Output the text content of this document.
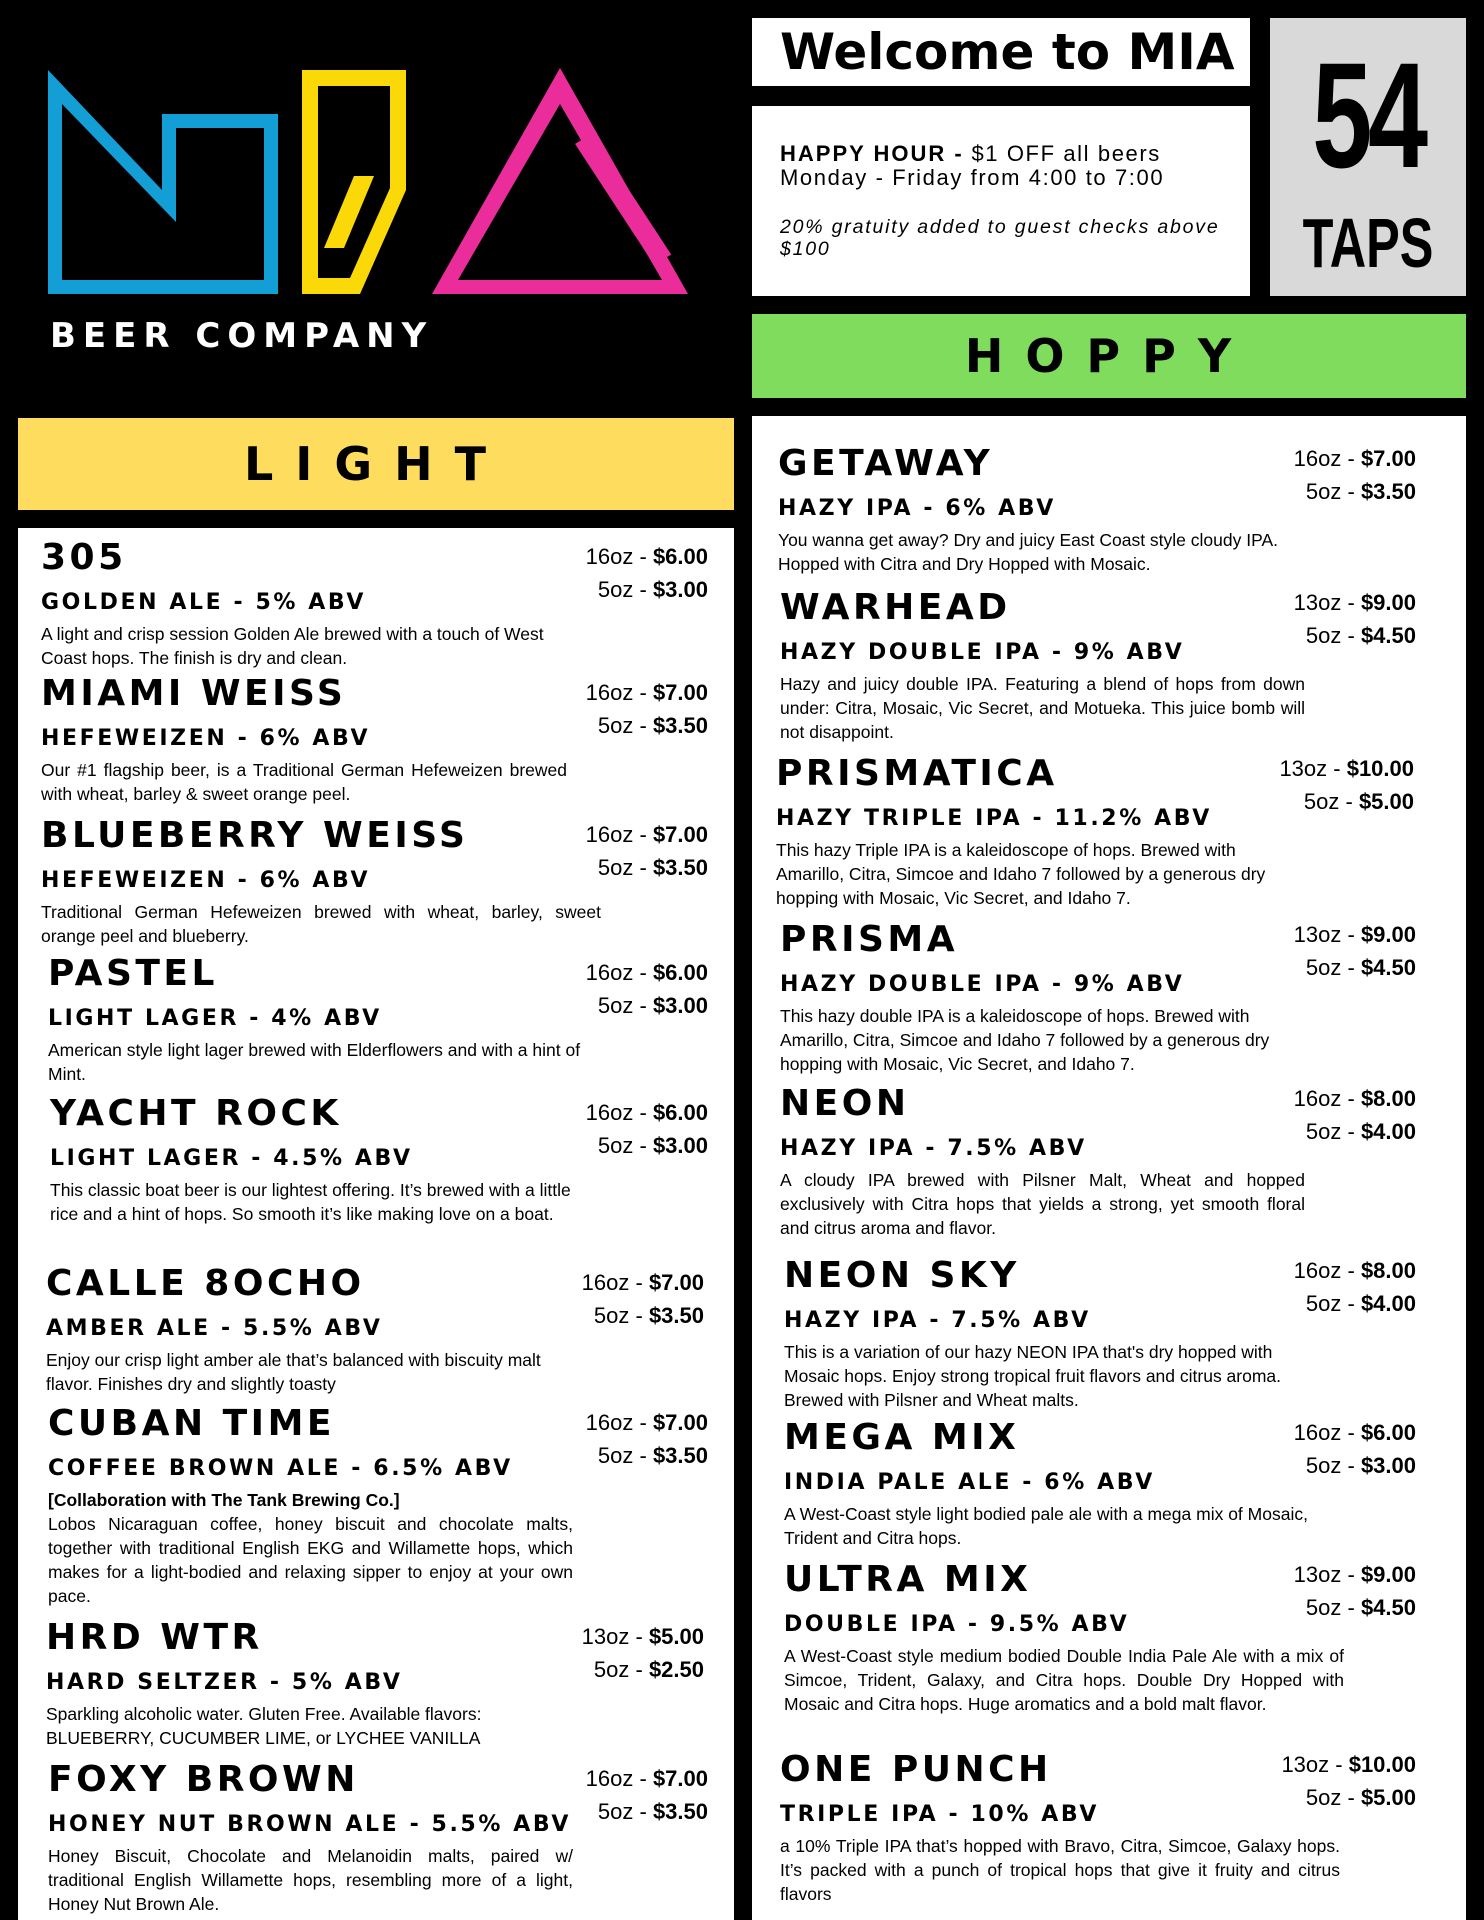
BEER COMPANY
Welcome to MIA
HAPPY HOUR - $1 OFF all beers
Monday - Friday from 4:00 to 7:00
20% gratuity added to guest checks above $100
54
TAPS
LIGHT
HOPPY
305
GOLDEN ALE - 5% ABV
A light and crisp session Golden Ale brewed with a touch of West Coast hops. The finish is dry and clean.
16oz - $6.00
5oz - $3.00
MIAMI WEISS
HEFEWEIZEN - 6% ABV
Our #1 flagship beer, is a Traditional German Hefeweizen brewed with wheat, barley & sweet orange peel.
16oz - $7.00
5oz - $3.50
BLUEBERRY WEISS
HEFEWEIZEN - 6% ABV
Traditional German Hefeweizen brewed with wheat, barley, sweet orange peel and blueberry.
16oz - $7.00
5oz - $3.50
PASTEL
LIGHT LAGER - 4% ABV
American style light lager brewed with Elderflowers and with a hint of Mint.
16oz - $6.00
5oz - $3.00
YACHT ROCK
LIGHT LAGER - 4.5% ABV
This classic boat beer is our lightest offering. It’s brewed with a little rice and a hint of hops. So smooth it’s like making love on a boat.
16oz - $6.00
5oz - $3.00
CALLE 8OCHO
AMBER ALE - 5.5% ABV
Enjoy our crisp light amber ale that’s balanced with biscuity malt flavor. Finishes dry and slightly toasty
16oz - $7.00
5oz - $3.50
CUBAN TIME
COFFEE BROWN ALE - 6.5% ABV
[Collaboration with The Tank Brewing Co.]
Lobos Nicaraguan coffee, honey biscuit and chocolate malts, together with traditional English EKG and Willamette hops, which makes for a light-bodied and relaxing sipper to enjoy at your own pace.
16oz - $7.00
5oz - $3.50
HRD WTR
HARD SELTZER - 5% ABV
Sparkling alcoholic water. Gluten Free. Available flavors: BLUEBERRY, CUCUMBER LIME, or LYCHEE VANILLA
13oz - $5.00
5oz - $2.50
FOXY BROWN
HONEY NUT BROWN ALE - 5.5% ABV
Honey Biscuit, Chocolate and Melanoidin malts, paired w/ traditional English Willamette hops, resembling more of a light, Honey Nut Brown Ale.
16oz - $7.00
5oz - $3.50
GETAWAY
HAZY IPA - 6% ABV
You wanna get away? Dry and juicy East Coast style cloudy IPA. Hopped with Citra and Dry Hopped with Mosaic.
16oz - $7.00
5oz - $3.50
WARHEAD
HAZY DOUBLE IPA - 9% ABV
Hazy and juicy double IPA. Featuring a blend of hops from down under: Citra, Mosaic, Vic Secret, and Motueka. This juice bomb will not disappoint.
13oz - $9.00
5oz - $4.50
PRISMATICA
HAZY TRIPLE IPA - 11.2% ABV
This hazy Triple IPA is a kaleidoscope of hops. Brewed with Amarillo, Citra, Simcoe and Idaho 7 followed by a generous dry hopping with Mosaic, Vic Secret, and Idaho 7.
13oz - $10.00
5oz - $5.00
PRISMA
HAZY DOUBLE IPA - 9% ABV
This hazy double IPA is a kaleidoscope of hops. Brewed with Amarillo, Citra, Simcoe and Idaho 7 followed by a generous dry hopping with Mosaic, Vic Secret, and Idaho 7.
13oz - $9.00
5oz - $4.50
NEON
HAZY IPA - 7.5% ABV
A cloudy IPA brewed with Pilsner Malt, Wheat and hopped exclusively with Citra hops that yields a strong, yet smooth floral and citrus aroma and flavor.
16oz - $8.00
5oz - $4.00
NEON SKY
HAZY IPA - 7.5% ABV
This is a variation of our hazy NEON IPA that's dry hopped with Mosaic hops. Enjoy strong tropical fruit flavors and citrus aroma. Brewed with Pilsner and Wheat malts.
16oz - $8.00
5oz - $4.00
MEGA MIX
INDIA PALE ALE - 6% ABV
A West-Coast style light bodied pale ale with a mega mix of Mosaic, Trident and Citra hops.
16oz - $6.00
5oz - $3.00
ULTRA MIX
DOUBLE IPA - 9.5% ABV
A West-Coast style medium bodied Double India Pale Ale with a mix of Simcoe, Trident, Galaxy, and Citra hops. Double Dry Hopped with Mosaic and Citra hops. Huge aromatics and a bold malt flavor.
13oz - $9.00
5oz - $4.50
ONE PUNCH
TRIPLE IPA - 10% ABV
a 10% Triple IPA that’s hopped with Bravo, Citra, Simcoe, Galaxy hops. It’s packed with a punch of tropical hops that give it fruity and citrus flavors
13oz - $10.00
5oz - $5.00
